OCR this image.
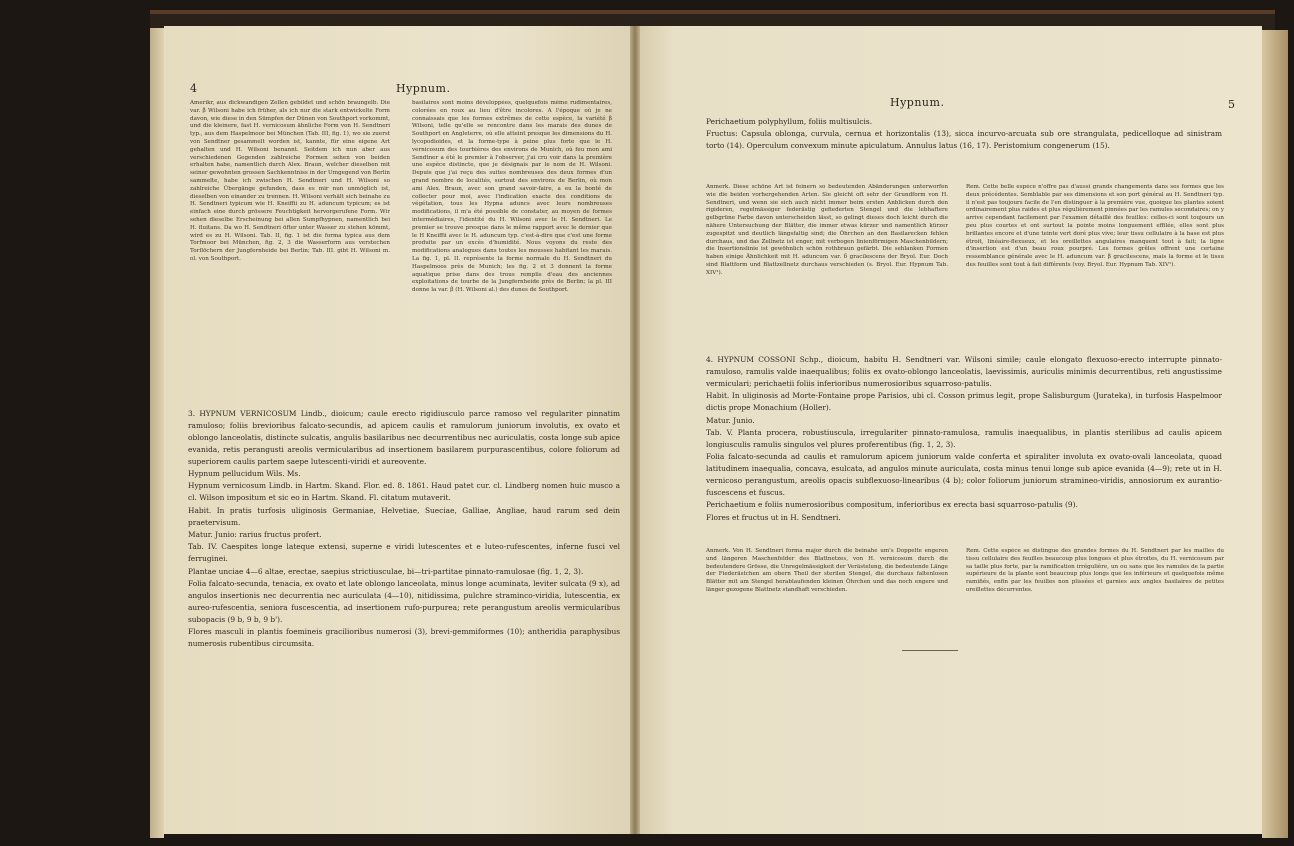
4	Hypnum.

Âmerikr, aus dickwandigen Zellen gebildet und schön braungelb. Die var. β Wilsoni habe ich früher, als ich nur die stark entwickelte Form davon, wie diese in den Sümpfen der Dünen von Southport vorkommt, und die kleinere, fast H. vernicosum ähnliche Form von H. Sendtneri typ., aus dem Haspelmoor bei München (Tab. III, fig. 1), wo sie zuerst von Sendtner gesammelt worden ist, kannte, für eine eigene Art gehalten und H. Wilsoni benannt. Seitdem ich nun aber aus verschiedenen Gegenden zahlreiche Formen sehen von beiden erhalten habe, namentlich durch Alex. Braun, welcher dieselben mit seiner gewohnten grossen Sachkenntniss in der Umgegend von Berlin sammelte, habe ich zwischen H. Sendtneri und H. Wilsoni so zahlreiche Übergänge gefunden, dass es mir nun unmöglich ist, dieselben von einander zu trennen. H. Wilsoni verhält sich beinahe zu H. Sendtneri typicum wie H. Kneiffii zu H. aduncum typicum; es ist einfach eine durch grössere Feuchtigkeit hervorgerufene Form. Wir sehen dieselbe Erscheinung bei allen Sumpfhypnen, namentlich bei H. fluitans. Da wo H. Sendtneri öfter unter Wasser zu stehen kömmt, wird es zu H. Wilsoni. Tab. II, fig. 1 ist die forma typica aus dem Torfmoor bei München, fig. 2, 3 die Wasserform aus verstechen Torflöchern der Jungfernheide bei Berlin; Tab. III. gibt H. Wilsoni m. ol. von Southport.

basilaires sont moins développées, quelquefois même rudimentaires, colorées en roux au lieu d'être incolores. A l'époque où je ne connaissais que les formes extrêmes de cette espèce, la variété β Wilsoni, telle qu'elle se rencontre dans les marais des dunes de Southport en Angleterre, où elle atteint presque les dimensions du H. lycopodioides, et la forme-type à peine plus forte que le H. vernicosum des tourbières des environs de Munich, où feu mon ami Sendtner a été le premier à l'observer, j'ai cru voir dans la première une espèce distincte, que je désignais par le nom de H. Wilsoni. Depuis que j'ai reçu des suites nombreuses des deux formes d'un grand nombre de localités, surtout des environs de Berlin, où mon ami Alex. Braun, avec son grand savoir-faire, a eu la bonté de collecter pour moi, avec l'indication exacte des conditions de végétation, tous les Hypna aduncs avec leurs nombreuses modifications, il m'a été possible de constater, au moyen de formes intermédiaires, l'identité du H. Wilsoni avec le H. Sendtneri. Le premier se trouve presque dans le même rapport avec le dernier que le H Kneiffii avec le H. aduncum typ. c'est-à-dire que c'est une forme produite par un excès d'humidité. Nous voyons du reste des modifications analogues dans toutes les mousses habitant les marais. La fig. 1, pl. II. représente la forme normale du H. Sendtneri du Haspelmoos près de Munich; les fig. 2 et 3 donnent la forme aquatique prise dans des trous remplis d'eau des anciennes exploitations de tourbe de la Jungfernheide près de Berlin; la pl. III donne la var. β (H. Wilsoni al.) des dunes de Southport.

3. HYPNUM VERNICOSUM Lindb., dioicum; caule erecto rigidiusculo parce ramoso vel regulariter pinnatim ramuloso; foliis brevioribus falcato-secundis, ad apicem caulis et ramulorum juniorum involutis, ex ovato et oblongo lanceolatis, distincte sulcatis, angulis basilaribus nec decurrentibus nec auriculatis, costa longe sub apice evanida, retis perangusti areolis vermicularibus ad insertionem basilarem purpurascentibus, colore foliorum ad superiorem caulis partem saepe lutescenti-viridi et aureovente.

Hypnum pellucidum Wils. Ms.

Hypnum vernicosum Lindb. in Hartm. Skand. Flor. ed. 8. 1861. Haud patet cur. cl. Lindberg nomen huic musco a cl. Wilson impositum et sic eo in Hartm. Skand. Fl. citatum mutaverit.

Habit. In pratis turfosis uliginosis Germaniae, Helvetiae, Sueciae, Galliae, Angliae, haud rarum sed dein praetervisum.

Matur. Junio: rarius fructus profert.

Tab. IV. Caespites longe lateque extensi, superne e viridi lutescentes et e luteo-rufescentes, inferne fusci vel ferruginei.

Plantae unciae 4—6 altae, erectae, saepius strictiusculae, bi—tri-partitae pinnato-ramulosae (fig. 1, 2, 3).

Folia falcato-secunda, tenacia, ex ovato et late oblongo lanceolata, minus longe acuminata, leviter sulcata (9 x), ad angulos insertionis nec decurrentia nec auriculata (4—10), nitidissima, pulchre straminco-viridia, lutescentia, ex aureo-rufescentia, seniora fuscescentia, ad insertionem rufo-purpurea; rete perangustum areolis vermicularibus subopacis (9 b, 9 b, 9 b').

Flores masculi in plantis foemineis gracilioribus numerosi (3), brevi-gemmiformes (10); antheridia paraphysibus numerosis rubentibus circumsita.

Hypnum.	5

Perichaetium polyphyllum, foliis multisulcis.

Fructus: Capsula oblonga, curvula, cernua et horizontalis (13), sicca incurvo-arcuata sub ore strangulata, pedicelloque ad sinistram torto (14). Operculum convexum minute apiculatum. Annulus latus (16, 17). Peristomium congenerum (15).

Anmerk. Diese schöne Art ist feinern so bedeutenden Abänderungen unterworfen wie die beiden vorhergehenden Arten. Sie gleicht oft sehr der Grundform von H. Sendtneri, und wenn sie sich auch nicht immer beim ersten Anblicken durch den rigideren, regelmässiger federästig gefiederten Stengel und die lebhaftere gelbgrüne Farbe davon unterscheiden lässt, so gelingt dieses doch leicht durch die nähere Untersuchung der Blätter, die immer etwas kürzer und namentlich kürzer zugespitzt und deutlich längsfaltig sind; die Öhrchen an den Basilarecken fehlen durchaus, und das Zellnetz ist enger, mit verbogen linienförmigen Maschenbildern; die Insertionslinie ist gewöhnlich schön rothbraun gefärbt. Die sehlanken Formen haben einige Ähnlichkeit mit H. aduncum var. δ gracilescens der Bryol. Eur. Doch sind Blattform und Blattzellnetz durchaus verschieden (s. Bryol. Eur. Hypnum Tab. XIV¹).

Rem. Cette belle espèce n'offre pas d'aussi grands changements dans ses formes que les deux précédentes. Semblable par ses dimensions et son port général au H. Sendtneri typ. il n'est pas toujours facile de l'en distinguer à la première vue, quoique les plantes soient ordinairement plus raides et plus régulièrement pinnées par les ramules secondaires; on y arrive cependant facilement par l'examen détaillé des feuilles: celles-ci sont toujours un peu plus courtes et ont surtout la pointe moins longuement effilée, elles sont plus brillantes encore et d'une teinte vert doré plus vive; leur tissu cellulaire à la base est plus étroit, linéaire-flexueux, et les oreillettes angulaires manquent tout à fait; la ligne d'insertion est d'un beau roux pourpré. Les formes grêles offrent une certaine ressemblance générale avec le H. aduncum var. β gracilescens, mais la forme et le tissu des feuilles sont tout à fait différents (voy. Bryol. Eur. Hypnum Tab. XIV¹).

4. HYPNUM COSSONI Schp., dioicum, habitu H. Sendtneri var. Wilsoni simile; caule elongato flexuoso-erecto interrupte pinnato-ramuloso, ramulis valde inaequalibus; foliis ex ovato-oblongo lanceolatis, laevissimis, auriculis minimis decurrentibus, reti angustissime vermiculari; perichaetii foliis inferioribus numerosioribus squarroso-patulis.

Habit. In uliginosis ad Morte-Fontaine prope Parisios, ubi cl. Cosson primus legit, prope Salisburgum (Jurateka), in turfosis Haspelmoor dictis prope Monachium (Holler).

Matur. Junio.

Tab. V. Planta procera, robustiuscula, irregulariter pinnato-ramulosa, ramulis inaequalibus, in plantis sterilibus ad caulis apicem longiusculis ramulis singulos vel plures proferentibus (fig. 1, 2, 3).

Folia falcato-secunda ad caulis et ramulorum apicem juniorum valde conferta et spiraliter involuta ex ovato-ovali lanceolata, quoad latitudinem inaequalia, concava, esulcata, ad angulos minute auriculata, costa minus tenui longe sub apice evanida (4—9); rete ut in H. vernicoso perangustum, areolis opacis subflexuoso-linearibus (4 b); color foliorum juniorum stramineo-viridis, annosiorum ex aurantio-fuscescens et fuscus.

Perichaetium e foliis numerosioribus compositum, inferioribus ex erecta basi squarroso-patulis (9).

Flores et fructus ut in H. Sendtneri.

Anmerk. Von H. Sendtneri forma major durch die beinahe um's Doppelte engeren und längeren Maschenfelder des Blattnetzes, von H. vernicosum durch die bedeutendere Grösse, die Unregelmässigkeit der Verästelung, die bedeutende Länge der Fiederästchen am obern Theil der sterilen Stengel, die durchaus faltenlosen Blätter mit am Stengel herablaufenden kleinen Öhrchen und das noch engere und länger gezogene Blattnetz standhaft verschieden.

Rem. Cette espèce se distingue des grandes formes du H. Sendtneri par les mailles du tissu cellulaire des feuilles beaucoup plus longues et plus étroites, du H. vernicosum par sa taille plus forte, par la ramification irrégulière, un ou sans que les ramules de la partie supérieure de la plante sont beaucoup plus longs que les inférieurs et quelquefois même ramifiés, enfin par les feuilles non plissées et garnies aux angles basilaires de petites oreillettes décurrentes.
